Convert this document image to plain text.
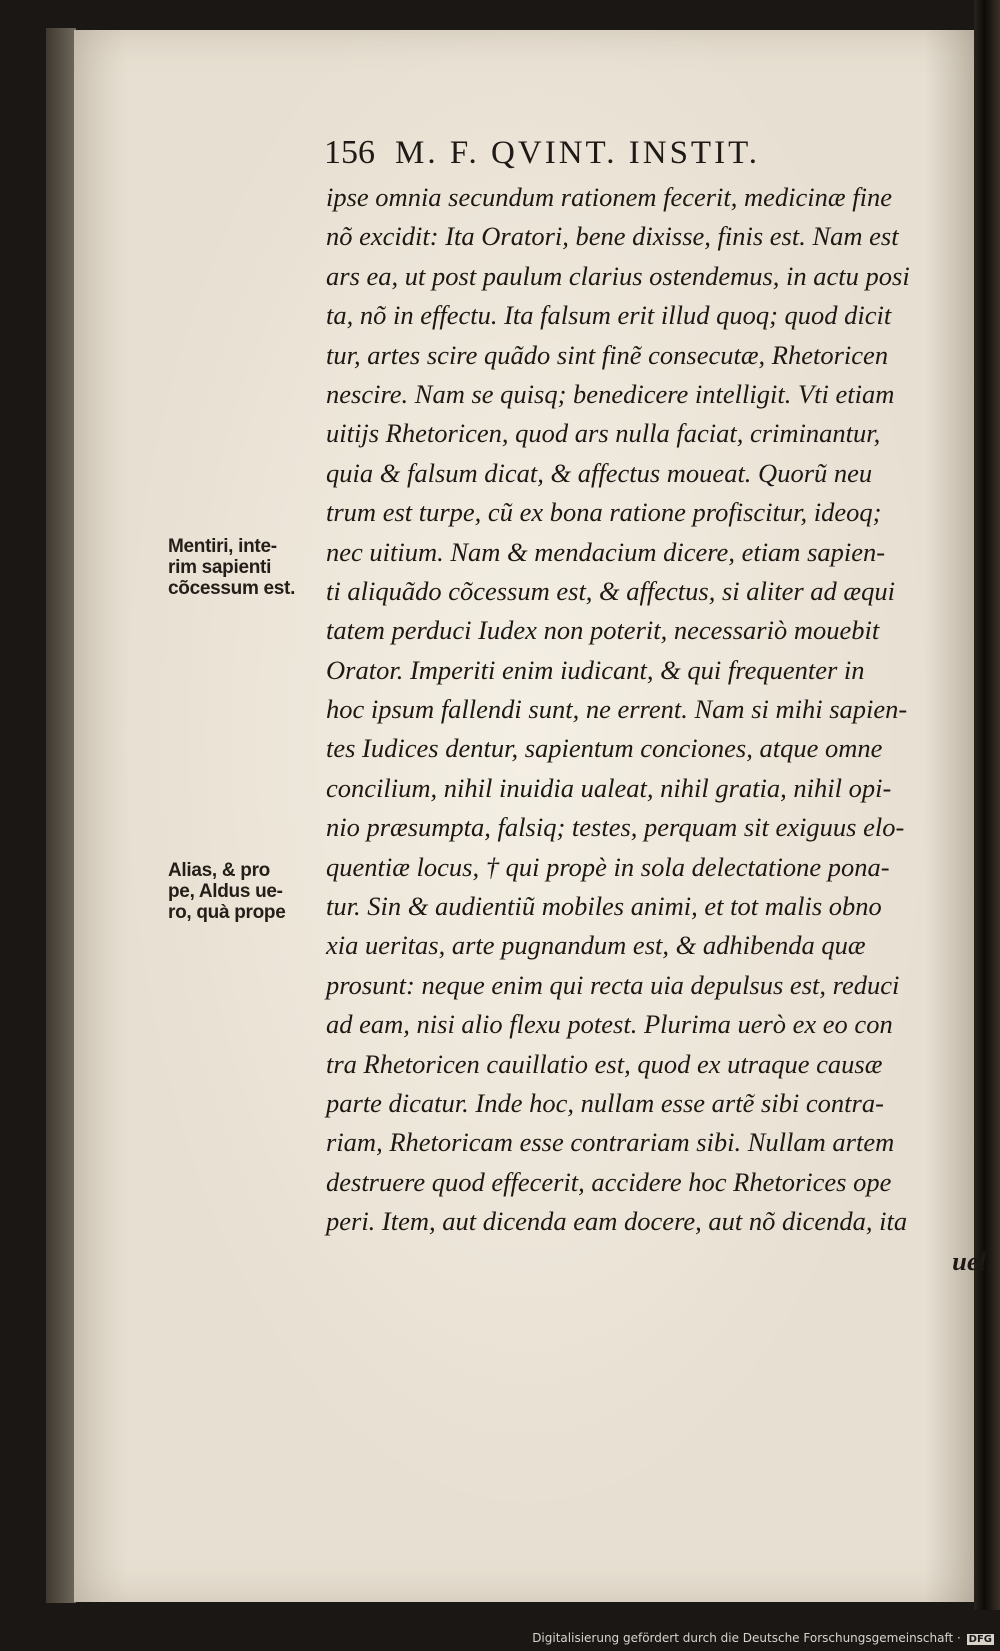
156 M. F. QVINT. INSTIT.
Mentiri, inte-
rim sapienti
cõcessum est.
Alias, & pro
pe, Aldus ue-
ro, quà prope
ipse omnia secundum rationem fecerit, medicinæ fine
nõ excidit: Ita Oratori, bene dixisse, finis est. Nam est
ars ea, ut post paulum clarius ostendemus, in actu posi
ta, nõ in effectu. Ita falsum erit illud quoq; quod dicit
tur, artes scire quãdo sint finẽ consecutæ, Rhetoricen
nescire. Nam se quisq; benedicere intelligit. Vti etiam
uitijs Rhetoricen, quod ars nulla faciat, criminantur,
quia & falsum dicat, & affectus moueat. Quorũ neu
trum est turpe, cũ ex bona ratione profiscitur, ideoq;
nec uitium. Nam & mendacium dicere, etiam sapien-
ti aliquãdo cõcessum est, & affectus, si aliter ad æqui
tatem perduci Iudex non poterit, necessariò mouebit
Orator. Imperiti enim iudicant, & qui frequenter in
hoc ipsum fallendi sunt, ne errent. Nam si mihi sapien-
tes Iudices dentur, sapientum conciones, atque omne
concilium, nihil inuidia ualeat, nihil gratia, nihil opi-
nio præsumpta, falsiq; testes, perquam sit exiguus elo-
quentiæ locus, † qui propè in sola delectatione pona-
tur. Sin & audientiũ mobiles animi, et tot malis obno
xia ueritas, arte pugnandum est, & adhibenda quæ
prosunt: neque enim qui recta uia depulsus est, reduci
ad eam, nisi alio flexu potest. Plurima uerò ex eo con
tra Rhetoricen cauillatio est, quod ex utraque causæ
parte dicatur. Inde hoc, nullam esse artẽ sibi contra-
riam, Rhetoricam esse contrariam sibi. Nullam artem
destruere quod effecerit, accidere hoc Rhetorices ope
peri. Item, aut dicenda eam docere, aut nõ dicenda, ita
uel
Digitalisierung gefördert durch die Deutsche Forschungsgemeinschaft · DFG
